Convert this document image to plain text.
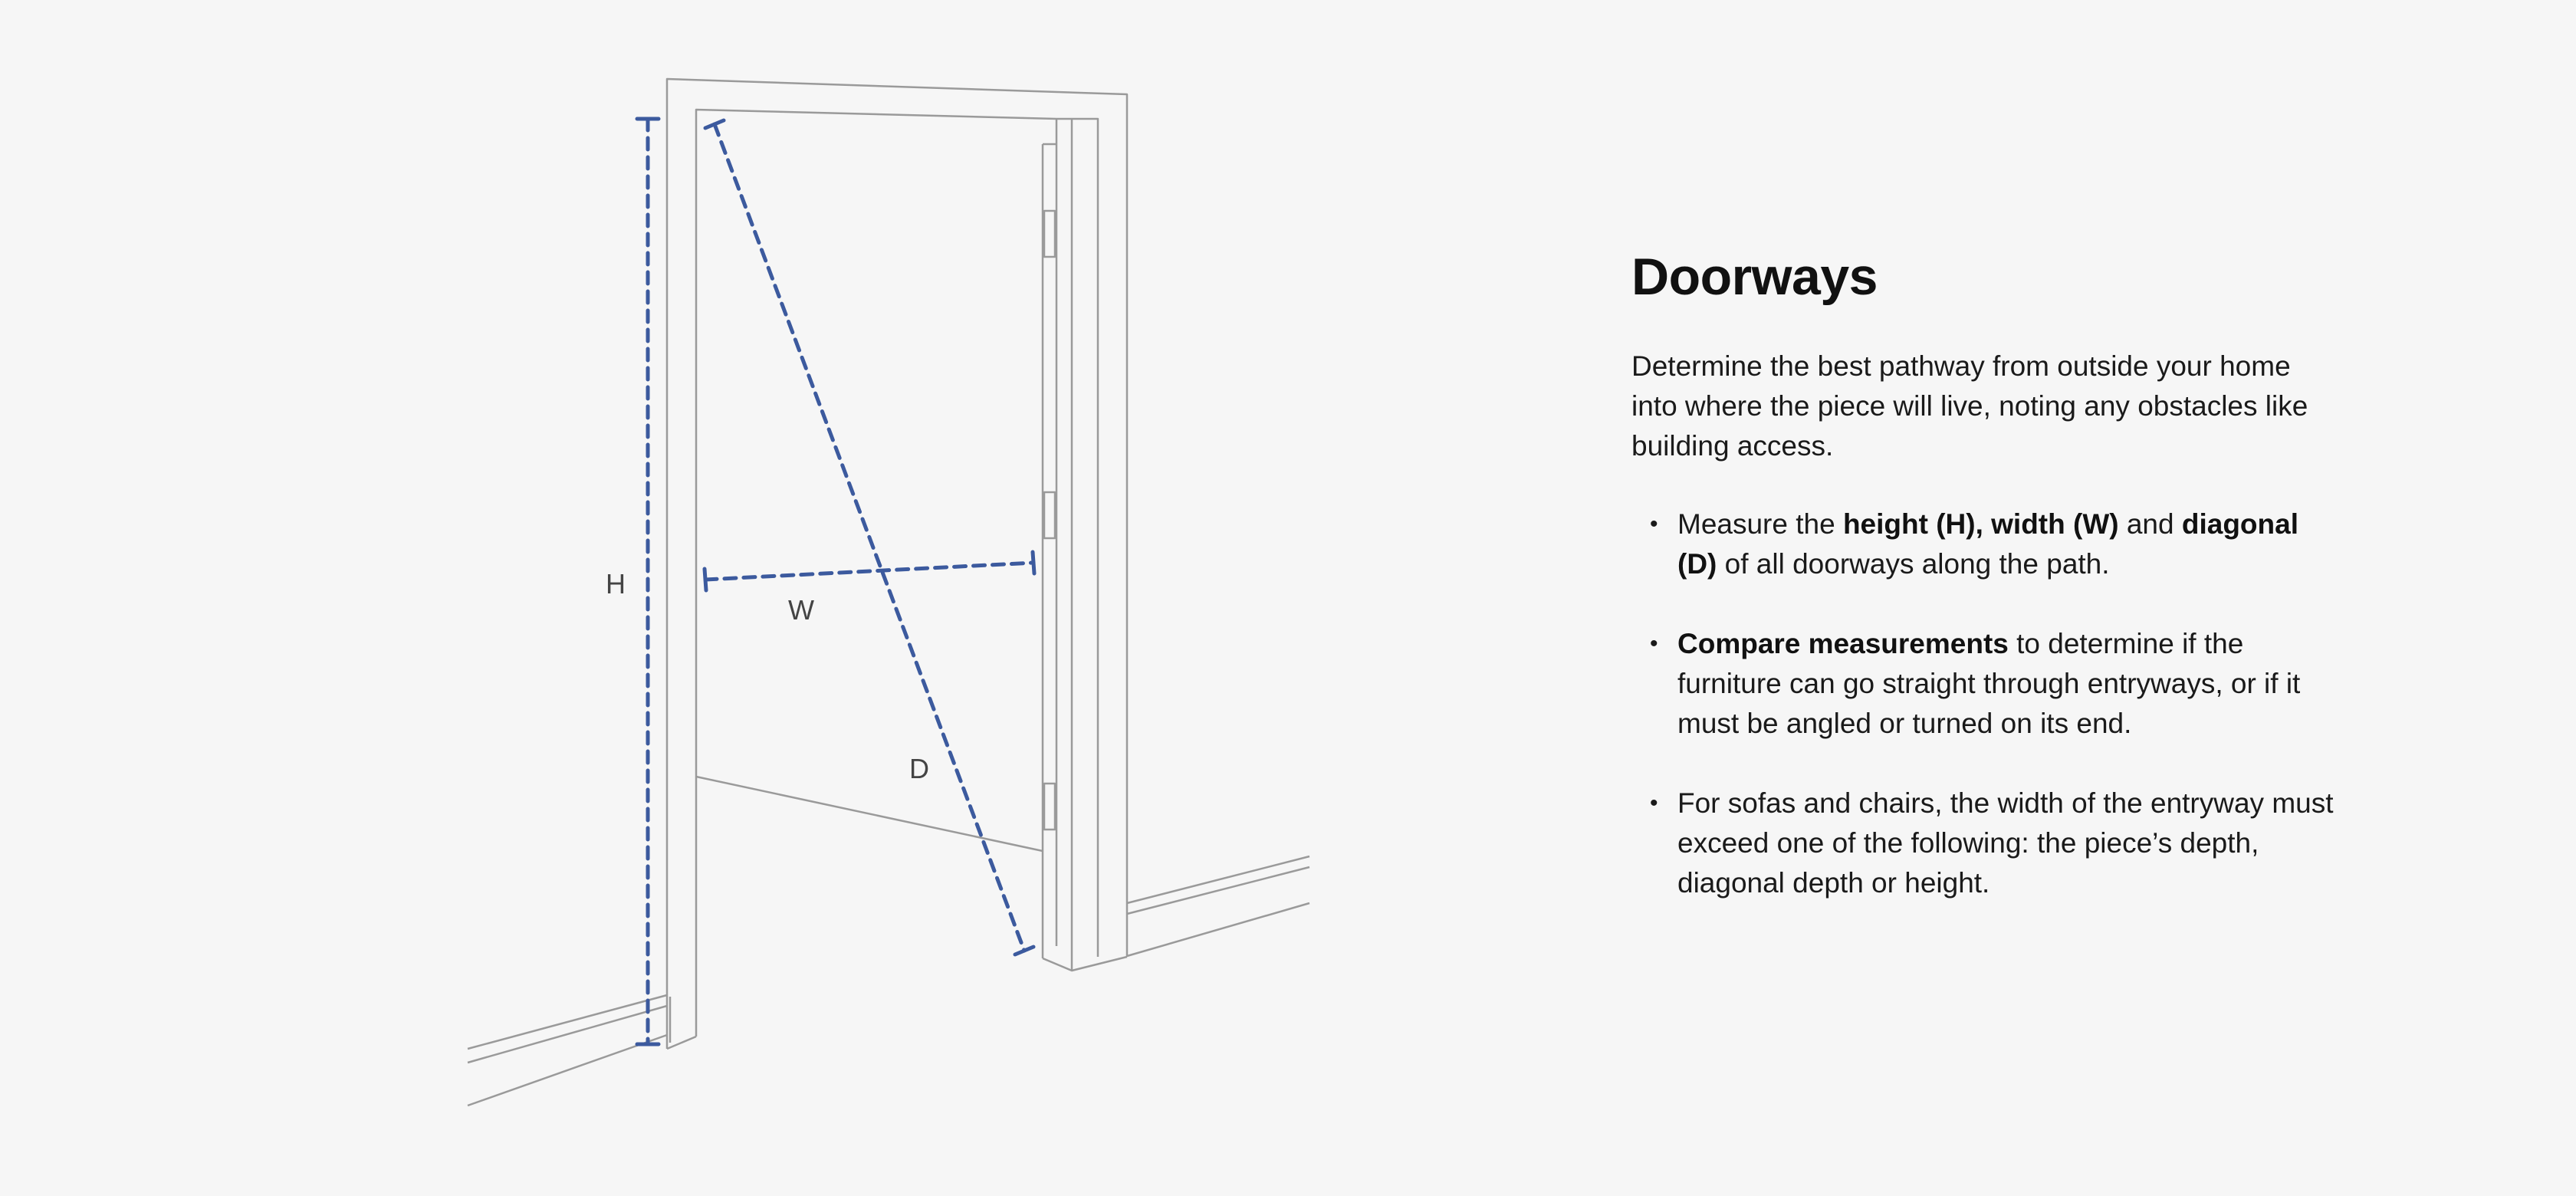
H
W
D
Doorways

Determine the best pathway from outside your home into where the piece will live, noting any obstacles like building access.

• Measure the height (H), width (W) and diagonal (D) of all doorways along the path.
• Compare measurements to determine if the furniture can go straight through entryways, or if it must be angled or turned on its end.
• For sofas and chairs, the width of the entryway must exceed one of the following: the piece’s depth, diagonal depth or height.
